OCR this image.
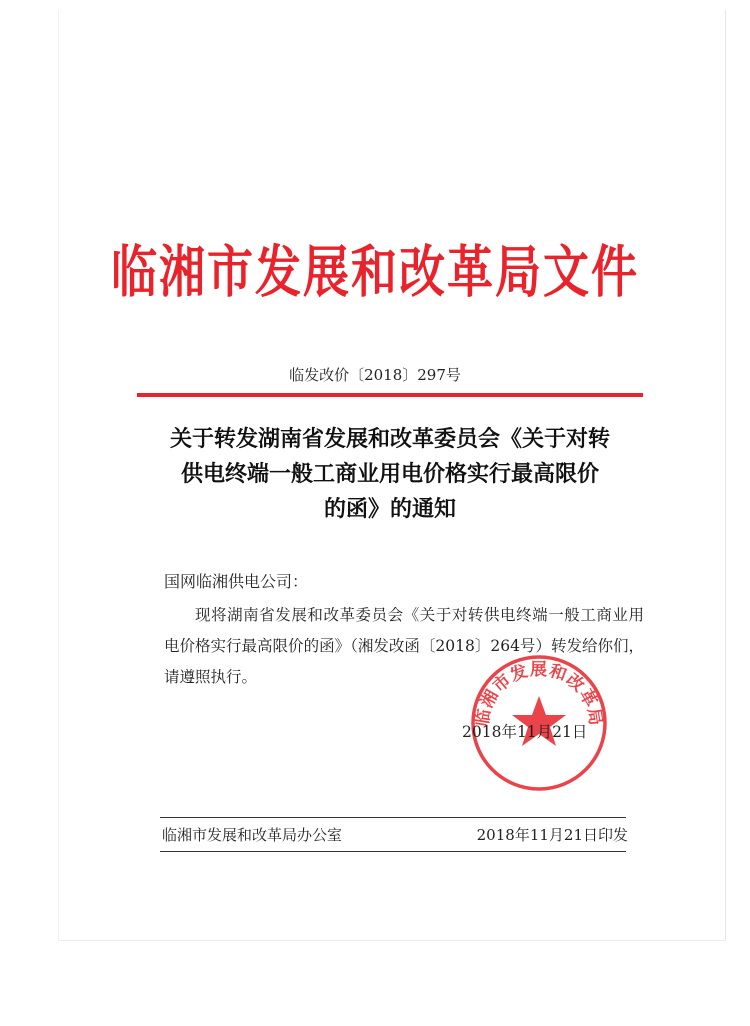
临湘市发展和改革局文件
临发改价〔2018〕297号
关于转发湖南省发展和改革委员会《关于对转
供电终端一般工商业用电价格实行最高限价
的函》的通知
国网临湘供电公司：
现将湖南省发展和改革委员会《关于对转供电终端一般工商业用电价格实行最高限价的函》（湘发改函〔2018〕264号）转发给你们，请遵照执行。
临湘市发展和改革局
2018年11月21日
临湘市发展和改革局办公室	2018年11月21日印发
